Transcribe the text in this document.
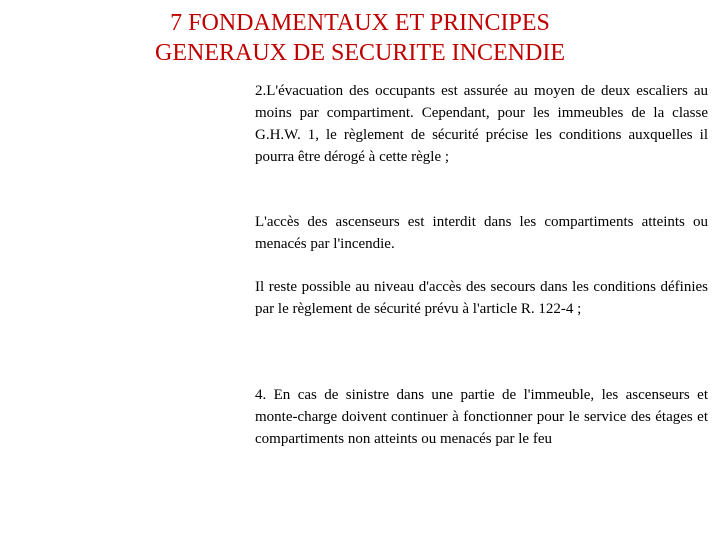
7 FONDAMENTAUX ET PRINCIPES
GENERAUX DE SECURITE INCENDIE

2.L'évacuation des occupants est assurée au moyen de deux escaliers au moins par compartiment. Cependant, pour les immeubles de la classe G.H.W. 1, le règlement de sécurité précise les conditions auxquelles il pourra être dérogé à cette règle ;

L'accès des ascenseurs est interdit dans les compartiments atteints ou menacés par l'incendie.

Il reste possible au niveau d'accès des secours dans les conditions définies par le règlement de sécurité prévu à l'article R. 122-4 ;

4. En cas de sinistre dans une partie de l'immeuble, les ascenseurs et monte-charge doivent continuer à fonctionner pour le service des étages et compartiments non atteints ou menacés par le feu
